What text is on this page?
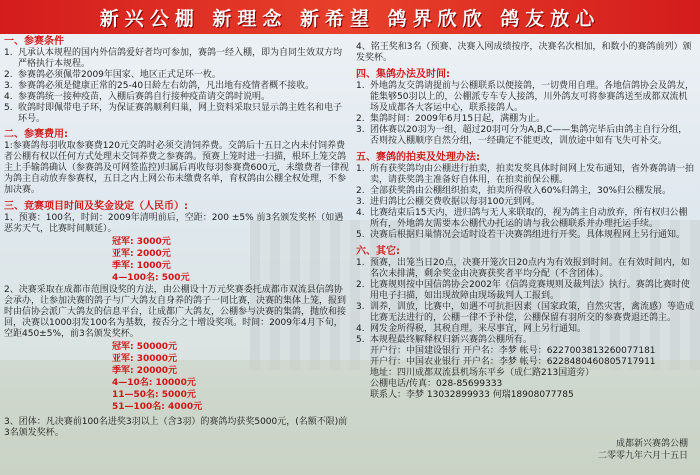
新兴公棚 新理念 新希望 鸽界欣欣 鸽友放心
一、参赛条件
1. 凡承认本规程的国内外信鸽爱好者均可参加，赛鸽一经入棚，即为自同生效双方均严格执行本规程。
2. 参赛鸽必须佩带2009年国家、地区正式足环一枚。
3. 参赛鸽必须是健康正常的25-40日龄左右幼鸽，凡出地有疫情者概不接收。
4. 参赛鸽统一接种疫苗，入棚后赛鸽自行接种疫苗请交鸽时说明。
5. 收鸽时即佩带电子环，为保证赛鸽顺利归巢，网上资料采取只显示鸽主姓名和电子环号。
二、参赛费用:
1:参赛鸽每羽收取参赛费120元交鸽时必须交清饲养费。交鸽后十五日之内未付饲养费者公棚有权以任何方式处理未交饲养费之参赛鸽。预赛上笼时进一扫描，根环上笼交鸽主上手输鸽确认（参赛鸽及可网签监控)归属后再收每羽参赛费600元，未缴费者一律视为鸽主自动放弃参赛权，五日之内上网公布未缴费名单，育权鸽由公棚全权处理，不参加决赛。
三、竞赛项目时间及奖金设定（人民币）:
1、预赛：100名，时间：2009年清明前后，空距：200 ±5% 前3名颁发奖杯（如遇恶劣天气，比赛时间顺延）。
冠军: 3000元
亚军: 2000元
季军: 1000元
4—100名: 500元
2、决赛采取在成都市范围设奖的方法，由公棚设十万元奖赛委托成都市双流县信鸽协会承办，让参加决赛的鸽子与广大鸽友自身养的鸽子一同比赛，决赛的集体上笼，报到时由信协会派广大鸽友的信息平台，让成都广大鸽友，公棚参与决赛的集鸽，抛放和接回，决赛以1000羽发100名为基数，按否分之十增设奖项。时间：2009年4月下旬，空距450±5%，前3名颁发奖杯。
冠军: 50000元
亚军: 30000元
季军: 20000元
4—10名: 10000元
11—50名: 5000元
51—100名: 4000元
3、团体：凡决赛前100名进奖3羽以上（含3羽）的赛鸽均获奖5000元，(名额不限)前3名颁发奖杯。
4、铭王奖和3名（预赛、决赛入网成绩按序，决赛名次相加，和数小的赛鸽前列）颁发奖杯。
四、集鸽办法及时间:
1. 外地鸽友交鸽请提前与公棚联系以便接鸽，一切费用自理。各地信鸽协会及鸽友，能集够50羽以上的，公棚派专车专人接鸽，川外鸽友可将参赛鸽送至成都双流机场及成都各大客运中心，联系接鸽人。
2. 集鸽时间：2009年6月15日起，满棚为止。
3. 团体赛以20羽为一组，超过20羽可分为A,B,C——集鸽完毕后由鸽主自行分组，否则按入棚顺序自然分组，一经确定不能更改，训放途中如有飞失可补交。
五、赛鸽的拍卖及处理办法:
1. 所有获奖鸽均由公棚进行拍卖，拍卖发奖具体时间网上发布通知，省外赛鸽请一拍卖，请获奖鸽主准备好自体用，在拍卖前保公棚。
2. 全部获奖鸽由公棚组织拍卖，拍卖所得收入60%归鸽主，30%归公棚发展。
3. 进归鸽比公棚交费收据以每羽100元到网。
4. 比赛结束后15天内，进归鸽与无人来联取的，视为鸽主自动放弃，所有权归公棚所有，外地鸽友需要本公棚代办托运的请与我公棚联系并办理托运手续。
5. 决赛后根据归巢情况会适时设若干决赛鸽组进行开奖。具体规程网上另行通知。
六、其它:
1. 预赛，出笼当日20点，决赛开笼次日20点内为有效报到时间。在有效时间内，如名次未排满，剩余奖金由决赛获奖者平均分配（不含团体）。
2. 比赛规则按中国信鸽协会2002年《信鸽竞赛规则及裁判法》执行。赛鸽比赛时使用电子扫描，如出现故障由现场裁判人工报到。
3. 训养，训放，比赛中，如遇不可抗拒因素（国家政策，自然灾害，禽流感）等造成比赛无法进行的，公棚一律不予补偿，公棚保留有羽所交的参赛费退还鸽主。
4. 网发金所得税，其税自理。来尽事宜，网上另行通知。
5. 本规程最终解释权归新兴赛鸽公棚所有。
开户行：中国建设银行 开户名：李梦 帐号：6227003813260077181
开户行：中国农业银行 开户名：李梦 帐号：6228480460805717911
地址：四川成都双流县机场东平乡（成仁路213国道旁）
公棚电话/传真：028-85699333
联系人：李梦 13032899933 何瑞18908077785
成都新兴赛鸽公棚
二零零九年六月十五日
